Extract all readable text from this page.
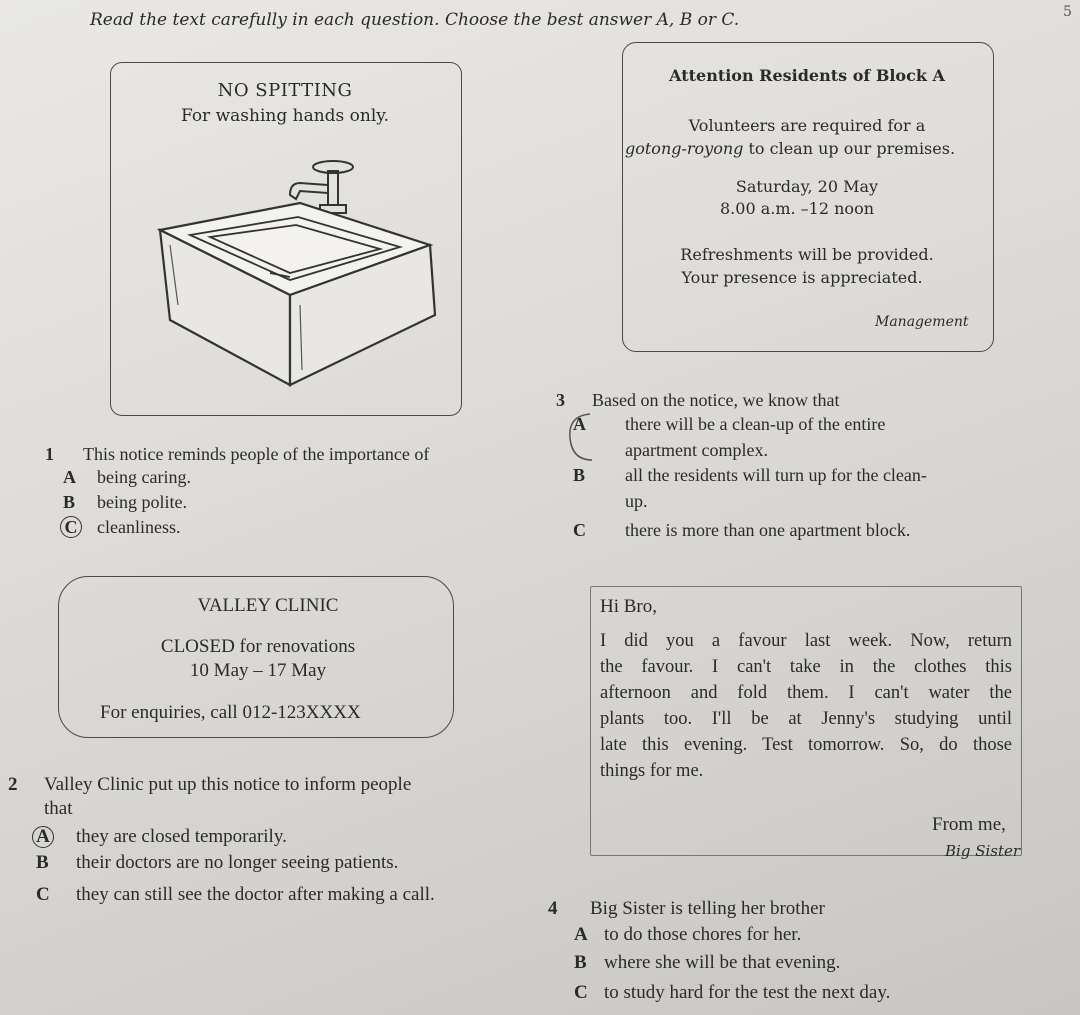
Read the text carefully in each question. Choose the best answer A, B or C.	5
NO SPITTING
For washing hands only.
1 This notice reminds people of the importance of
A being caring.
B being polite.
C cleanliness.
Attention Residents of Block A
Volunteers are required for a
gotong-royong to clean up our premises.
Saturday, 20 May
8.00 a.m. –12 noon
Refreshments will be provided.
Your presence is appreciated.
Management
3 Based on the notice, we know that
A there will be a clean-up of the entire
apartment complex.
B all the residents will turn up for the clean-
up.
C there is more than one apartment block.
VALLEY CLINIC
CLOSED for renovations
10 May – 17 May
For enquiries, call 012-123XXXX
Hi Bro,
I did you a favour last week. Now, return
the favour. I can't take in the clothes this
afternoon and fold them. I can't water the
plants too. I'll be at Jenny's studying until
late this evening. Test tomorrow. So, do those
things for me.
From me,
Big Sister
2 Valley Clinic put up this notice to inform people
that
A they are closed temporarily.
B their doctors are no longer seeing patients.
C they can still see the doctor after making a call.
4 Big Sister is telling her brother
A to do those chores for her.
B where she will be that evening.
C to study hard for the test the next day.
